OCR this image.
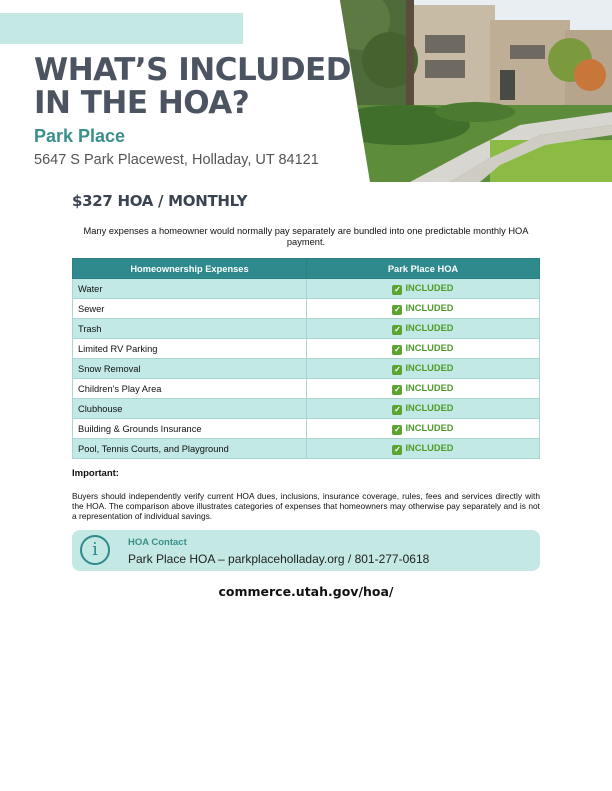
WHAT’S INCLUDED
IN THE HOA?
Park Place
5647 S Park Placewest, Holladay, UT 84121
$327 HOA / MONTHLY
Many expenses a homeowner would normally pay separately are bundled into one predictable monthly HOA payment.
Homeownership Expenses	Park Place HOA
Water	✓ INCLUDED
Sewer	✓ INCLUDED
Trash	✓ INCLUDED
Limited RV Parking	✓ INCLUDED
Snow Removal	✓ INCLUDED
Children's Play Area	✓ INCLUDED
Clubhouse	✓ INCLUDED
Building & Grounds Insurance	✓ INCLUDED
Pool, Tennis Courts, and Playground	✓ INCLUDED
Important:
Buyers should independently verify current HOA dues, inclusions, insurance coverage, rules, fees and services directly with the HOA. The comparison above illustrates categories of expenses that homeowners may otherwise pay separately and is not a representation of individual savings.
i	HOA Contact
Park Place HOA – parkplaceholladay.org / 801-277-0618
commerce.utah.gov/hoa/
